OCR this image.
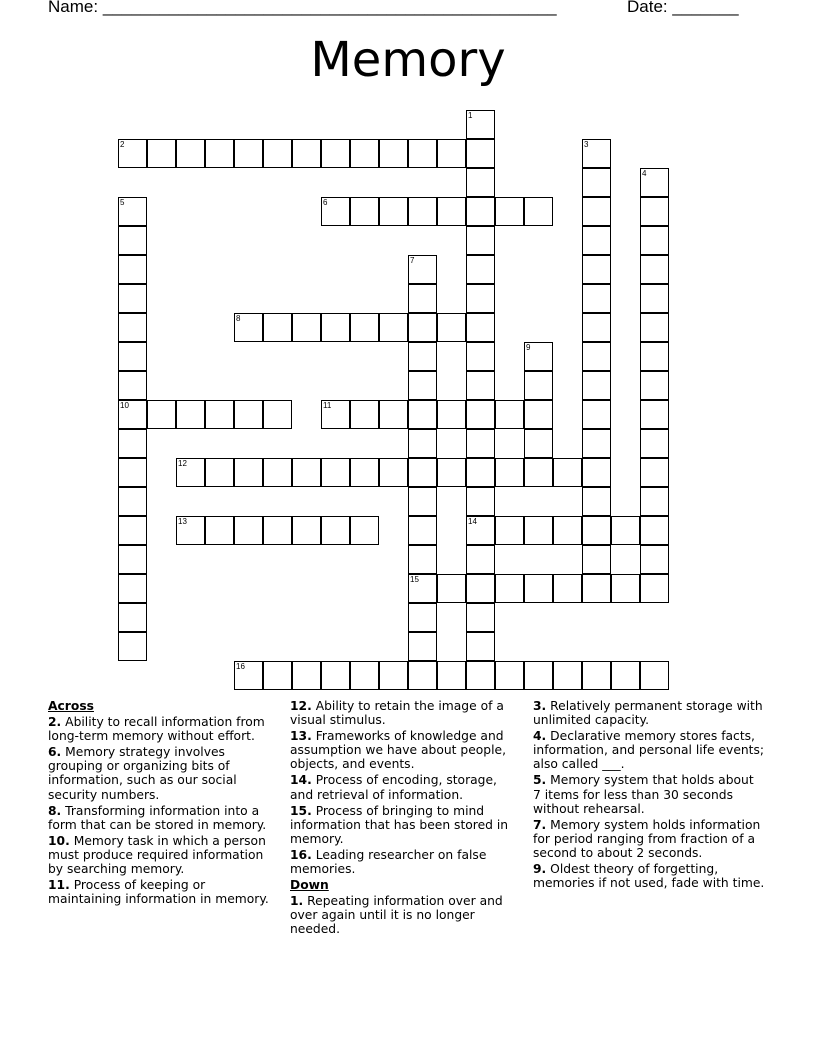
Name: ________________________________________________	Date: _______
Memory
1
14
2	3
4
5
10
6
7
15
8
9
11
12
13
16
Across
2. Ability to recall information from long-term memory without effort.
6. Memory strategy involves grouping or organizing bits of information, such as our social security numbers.
8. Transforming information into a form that can be stored in memory.
10. Memory task in which a person must produce required information by searching memory.
11. Process of keeping or maintaining information in memory.
12. Ability to retain the image of a visual stimulus.
13. Frameworks of knowledge and assumption we have about people, objects, and events.
14. Process of encoding, storage, and retrieval of information.
15. Process of bringing to mind information that has been stored in memory.
16. Leading researcher on false memories.
Down
1. Repeating information over and over again until it is no longer needed.
3. Relatively permanent storage with unlimited capacity.
4. Declarative memory stores facts, information, and personal life events; also called ___.
5. Memory system that holds about 7 items for less than 30 seconds without rehearsal.
7. Memory system holds information for period ranging from fraction of a second to about 2 seconds.
9. Oldest theory of forgetting, memories if not used, fade with time.
